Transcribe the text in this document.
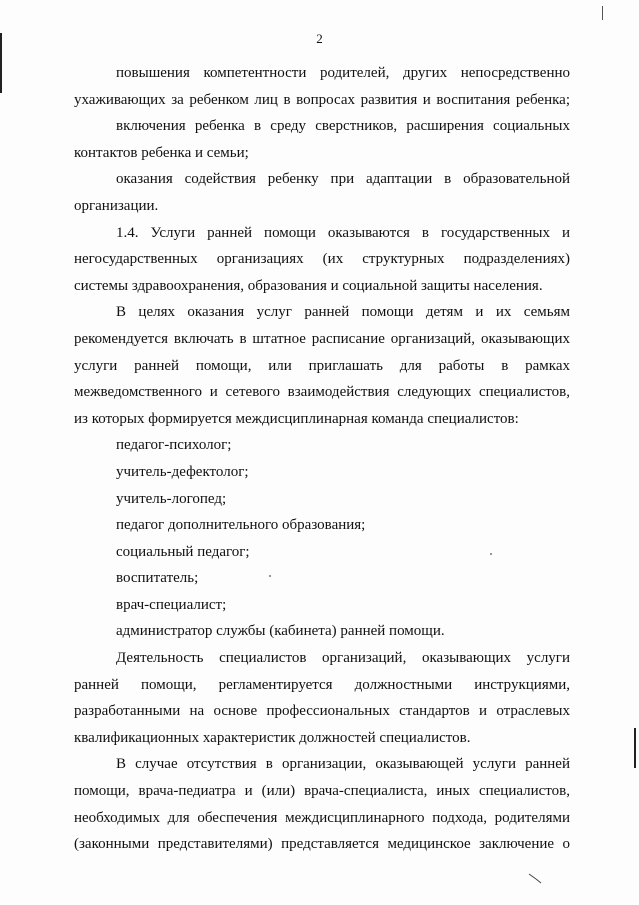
2
повышения компетентности родителей, других непосредственно
ухаживающих за ребенком лиц в вопросах развития и воспитания ребенка;
включения ребенка в среду сверстников, расширения социальных
контактов ребенка и семьи;
оказания содействия ребенку при адаптации в образовательной
организации.
1.4. Услуги ранней помощи оказываются в государственных и
негосударственных организациях (их структурных подразделениях)
системы здравоохранения, образования и социальной защиты населения.
В целях оказания услуг ранней помощи детям и их семьям
рекомендуется включать в штатное расписание организаций, оказывающих
услуги ранней помощи, или приглашать для работы в рамках
межведомственного и сетевого взаимодействия следующих специалистов,
из которых формируется междисциплинарная команда специалистов:
педагог-психолог;
учитель-дефектолог;
учитель-логопед;
педагог дополнительного образования;
социальный педагог;
воспитатель;
врач-специалист;
администратор службы (кабинета) ранней помощи.
Деятельность специалистов организаций, оказывающих услуги
ранней помощи, регламентируется должностными инструкциями,
разработанными на основе профессиональных стандартов и отраслевых
квалификационных характеристик должностей специалистов.
В случае отсутствия в организации, оказывающей услуги ранней
помощи, врача-педиатра и (или) врача-специалиста, иных специалистов,
необходимых для обеспечения междисциплинарного подхода, родителями
(законными представителями) представляется медицинское заключение о
